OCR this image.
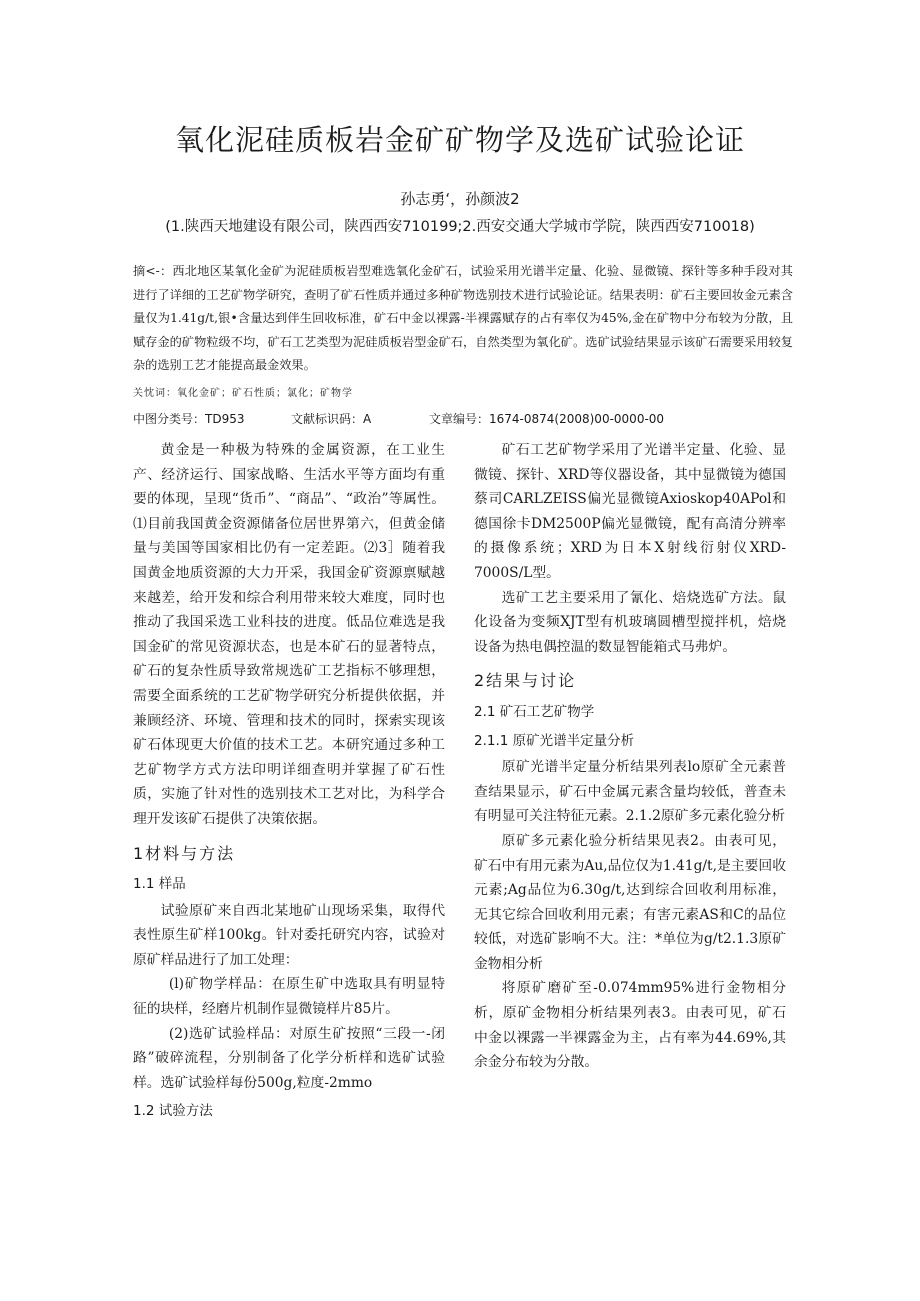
氧化泥硅质板岩金矿矿物学及选矿试验论证
孙志勇‘，孙颜波2
(1.陕西天地建设有限公司，陕西西安710199;2.西安交通大学城市学院，陕西西安710018)
摘<-：西北地区某氧化金矿为泥硅质板岩型难选氧化金矿石，试验采用光谱半定量、化验、显微镜、探针等多种手段对其进行了详细的工艺矿物学研究，查明了矿石性质并通过多种矿物选别技术进行试验论证。结果表明：矿石主要回妆金元素含量仅为1.41g/t,银•含量达到伴生回收标准，矿石中金以裸露-半裸露赋存的占有率仅为45%,金在矿物中分布较为分散，且赋存金的矿物粒级不均，矿石工艺类型为泥硅质板岩型金矿石，自然类型为氧化矿。选矿试验结果显示该矿石需要采用较复杂的选别工艺才能提高最金效果。
关忱词：氧化金矿；矿石性质；氯化；矿物学
中图分类号：TD953	文献标识码：A	文章编号：1674-0874(2008)00-0000-00

黄金是一种极为特殊的金属资源，在工业生产、经济运行、国家战略、生活水平等方面均有重要的体现，呈现“货币”、“商品”、“政治”等属性。⑴目前我国黄金资源储备位居世界第六，但黄金储量与美国等国家相比仍有一定差距。⑵3］随着我国黄金地质资源的大力开采，我国金矿资源禀赋越来越差，给开发和综合利用带来较大难度，同时也推动了我国采选工业科技的进度。低品位难选是我国金矿的常见资源状态，也是本矿石的显著特点，矿石的复杂性质导致常规选矿工艺指标不够理想，需要全面系统的工艺矿物学研究分析提供依据，并兼顾经济、环境、管理和技术的同时，探索实现该矿石体现更大价值的技术工艺。本研究通过多种工艺矿物学方式方法印明详细查明并掌握了矿石性质，实施了针对性的选别技术工艺对比，为科学合理开发该矿石提供了决策依据。

1材料与方法
1.1 样品

试验原矿来自西北某地矿山现场采集，取得代表性原生矿样100kg。针对委托研究内容，试验对原矿样品进行了加工处理：

(l)矿物学样品：在原生矿中选取具有明显特征的块样，经磨片机制作显微镜样片85片。

(2)选矿试验样品：对原生矿按照“三段一-闭路”破碎流程，分别制备了化学分析样和选矿试验样。选矿试验样每份500g,粒度-2mmo

1.2 试验方法

矿石工艺矿物学采用了光谱半定量、化验、显微镜、探针、XRD等仪器设备，其中显微镜为德国蔡司CARLZEISS偏光显微镜Axioskop40APol和德国徐卡DM2500P偏光显微镜，配有高清分辨率的摄像系统；XRD为日本X射线衍射仪XRD-7000S/L型。

选矿工艺主要采用了氰化、焙烧选矿方法。鼠化设备为变频XJT型有机玻璃圆槽型搅拌机，焙烧设备为热电偶控温的数显智能箱式马弗炉。

2结果与讨论
2.1 矿石工艺矿物学
2.1.1 原矿光谱半定量分析

原矿光谱半定量分析结果列表lo原矿全元素普查结果显示，矿石中金属元素含量均较低，普查未有明显可关注特征元素。2.1.2原矿多元素化验分析

原矿多元素化验分析结果见表2。由表可见，矿石中有用元素为Au,品位仅为1.41g/t,是主要回收元素;Ag品位为6.30g/t,达到综合回收利用标准，无其它综合回收利用元素；有害元素AS和C的品位较低，对选矿影响不大。注：*单位为g/t2.1.3原矿金物相分析

将原矿磨矿至-0.074mm95%进行金物相分析，原矿金物相分析结果列表3。由表可见，矿石中金以裸露一半裸露金为主，占有率为44.69%,其余金分布较为分散。
